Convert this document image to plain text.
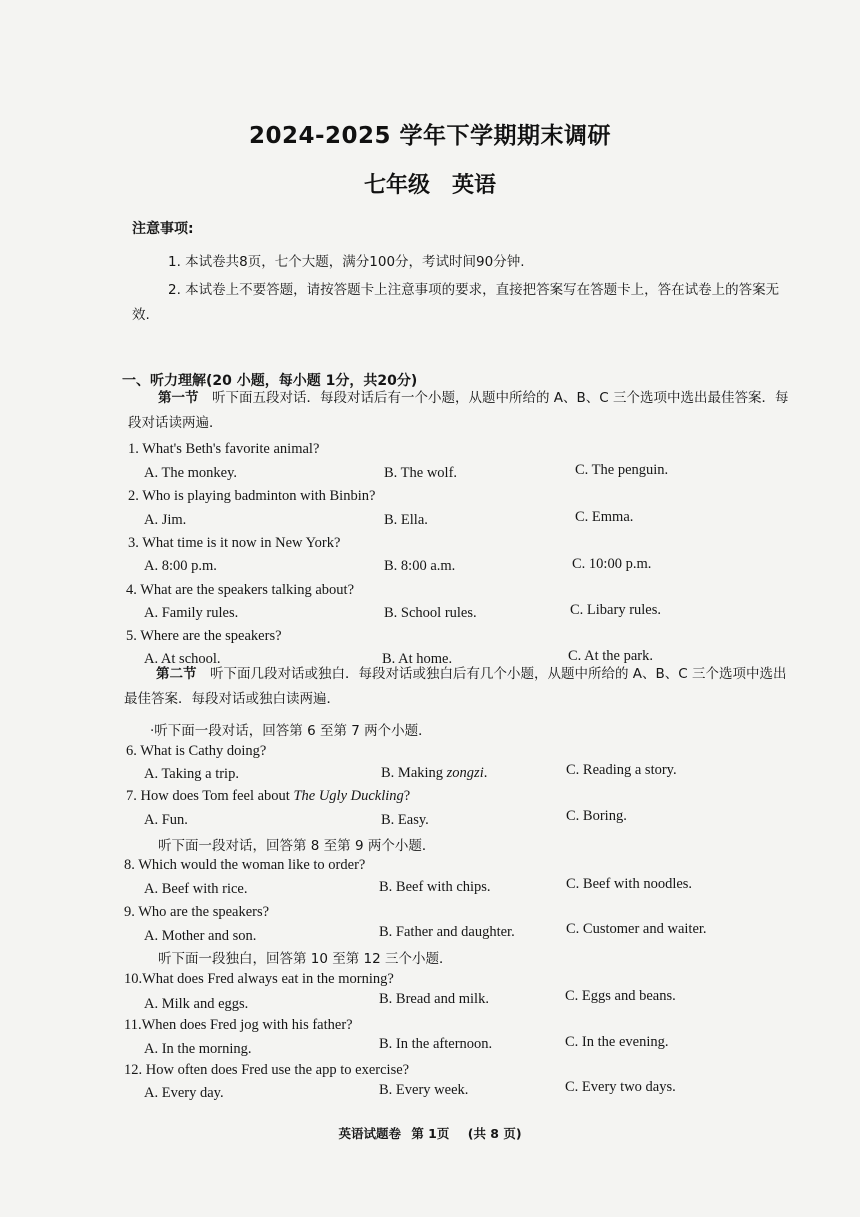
2024-2025 学年下学期期末调研
七年级　英语
注意事项:
1. 本试卷共8页，七个大题，满分100分，考试时间90分钟.
2. 本试卷上不要答题，请按答题卡上注意事项的要求，直接把答案写在答题卡上，答在试卷上的答案无效.
一、听力理解(20 小题，每小题 1分，共20分)
第一节　 听下面五段对话．每段对话后有一个小题，从题中所给的 A、B、C 三个选项中选出最佳答案．每段对话读两遍．
1. What's Beth's favorite animal?
A. The monkey.	B. The wolf.	C. The penguin.
2. Who is playing badminton with Binbin?
A. Jim.	B. Ella.	C. Emma.
3. What time is it now in New York?
A. 8:00 p.m.	B. 8:00 a.m.	C. 10:00 p.m.
4. What are the speakers talking about?
A. Family rules.	B. School rules.	C. Libary rules.
5. Where are the speakers?
A. At school.	B. At home.	C. At the park.
第二节　 听下面几段对话或独白．每段对话或独白后有几个小题，从题中所给的 A、B、C 三个选项中选出最佳答案．每段对话或独白读两遍．
·听下面一段对话，回答第 6 至第 7 两个小题．
6. What is Cathy doing?
A. Taking a trip.	B. Making zongzi.	C. Reading a story.
7. How does Tom feel about The Ugly Duckling?
A. Fun.	B. Easy.	C. Boring.
听下面一段对话，回答第 8 至第 9 两个小题．
8. Which would the woman like to order?
A. Beef with rice.	B. Beef with chips.	C. Beef with noodles.
9. Who are the speakers?
A. Mother and son.	B. Father and daughter.	C. Customer and waiter.
听下面一段独白，回答第 10 至第 12 三个小题．
10.What does Fred always eat in the morning?
A. Milk and eggs.	B. Bread and milk.	C. Eggs and beans.
11.When does Fred jog with his father?
A. In the morning.	B. In the afternoon.	C. In the evening.
12. How often does Fred use the app to exercise?
A. Every day.	B. Every week.	C. Every two days.
英语试题卷 第 1页 (共 8 页)
